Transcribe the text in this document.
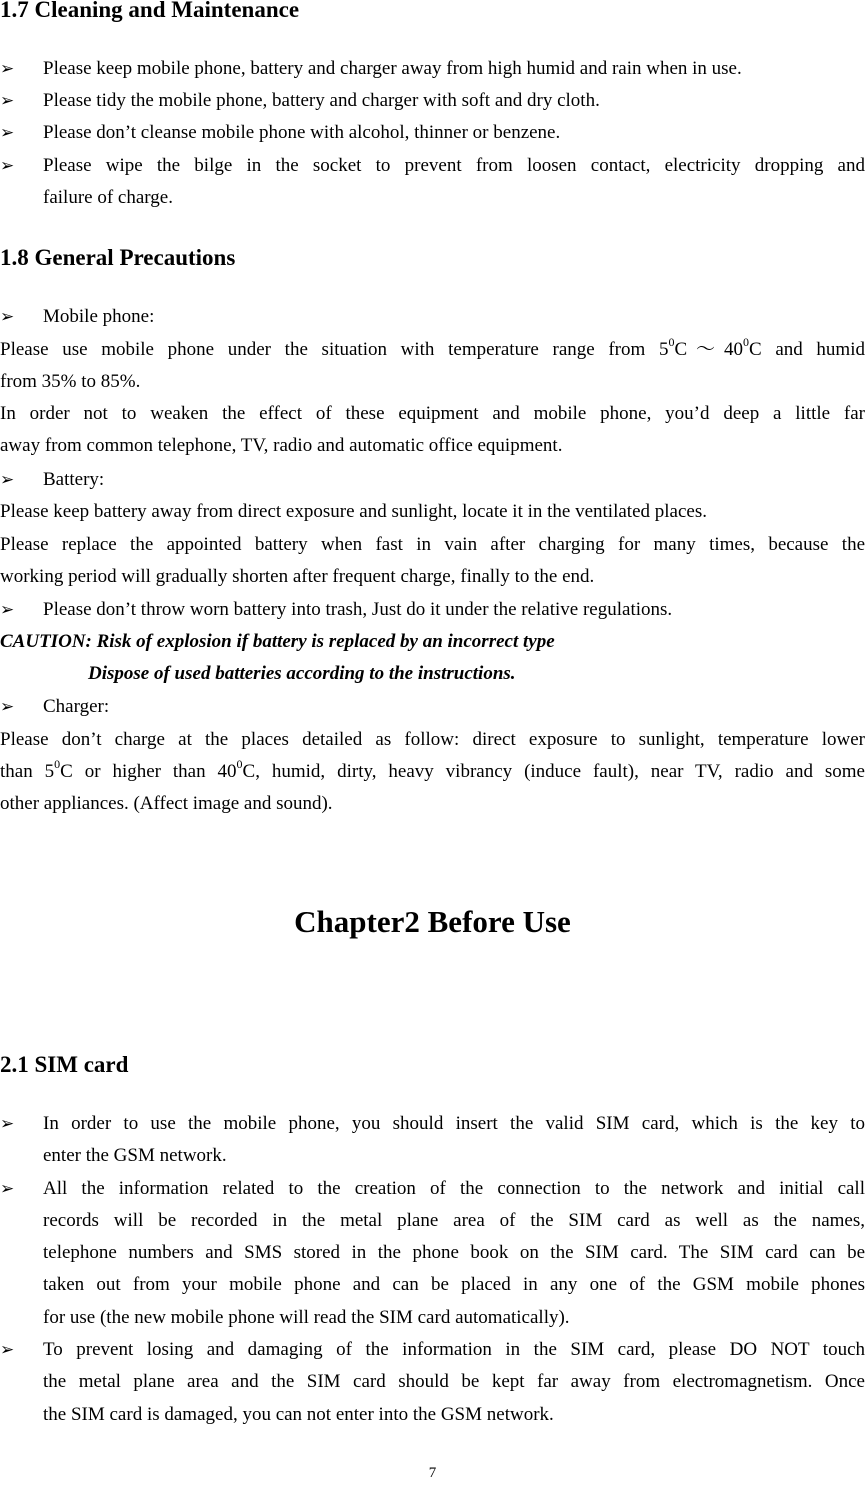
1.7 Cleaning and Maintenance
➢	Please keep mobile phone, battery and charger away from high humid and rain when in use.
➢	Please tidy the mobile phone, battery and charger with soft and dry cloth.
➢	Please don’t cleanse mobile phone with alcohol, thinner or benzene.
➢	Please wipe the bilge in the socket to prevent from loosen contact, electricity dropping and
failure of charge.
1.8 General Precautions
➢	Mobile phone:
Please use mobile phone under the situation with temperature range from $5^0C\sim 40^0C$ and humid
from 35% to 85%.
In order not to weaken the effect of these equipment and mobile phone, you’d deep a little far
away from common telephone, TV, radio and automatic office equipment.
➢	Battery:
Please keep battery away from direct exposure and sunlight, locate it in the ventilated places.
Please replace the appointed battery when fast in vain after charging for many times, because the
working period will gradually shorten after frequent charge, finally to the end.
➢	Please don’t throw worn battery into trash, Just do it under the relative regulations.
CAUTION: Risk of explosion if battery is replaced by an incorrect type
Dispose of used batteries according to the instructions.
➢	Charger:
Please don’t charge at the places detailed as follow: direct exposure to sunlight, temperature lower
than $5^0C$ or higher than $40^0C$, humid, dirty, heavy vibrancy (induce fault), near TV, radio and some
other appliances. (Affect image and sound).
Chapter2 Before Use
2.1 SIM card
➢	In order to use the mobile phone, you should insert the valid SIM card, which is the key to
enter the GSM network.
➢	All the information related to the creation of the connection to the network and initial call
records will be recorded in the metal plane area of the SIM card as well as the names,
telephone numbers and SMS stored in the phone book on the SIM card. The SIM card can be
taken out from your mobile phone and can be placed in any one of the GSM mobile phones
for use (the new mobile phone will read the SIM card automatically).
➢	To prevent losing and damaging of the information in the SIM card, please DO NOT touch
the metal plane area and the SIM card should be kept far away from electromagnetism. Once
the SIM card is damaged, you can not enter into the GSM network.
7
